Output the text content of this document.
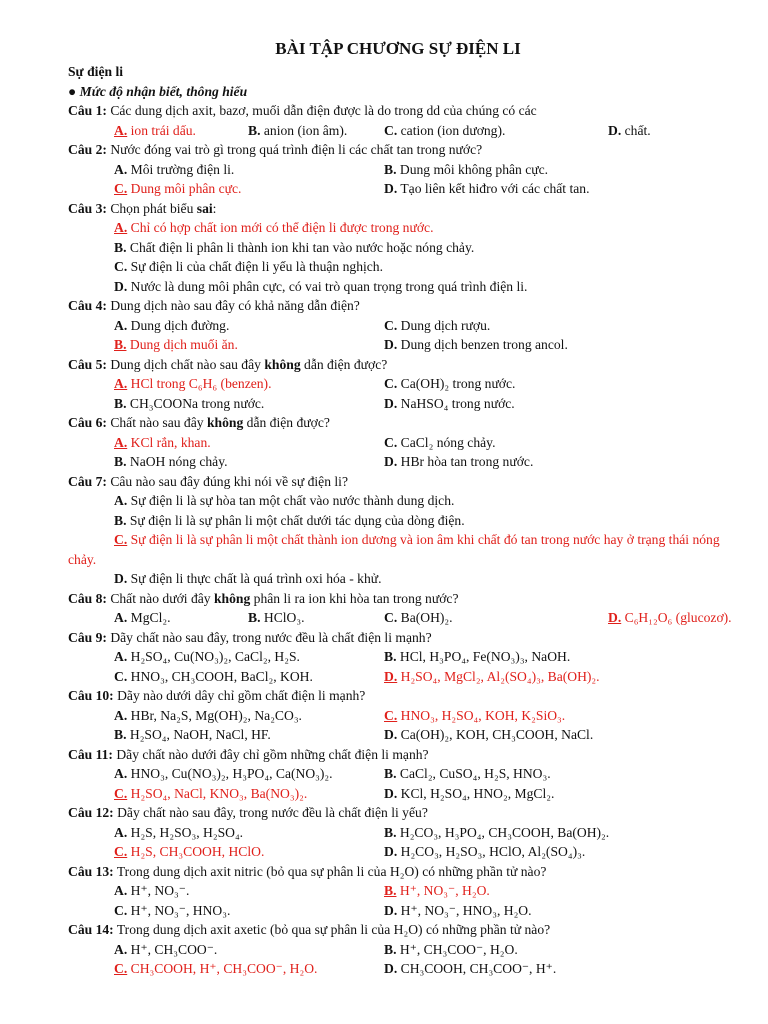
BÀI TẬP CHƯƠNG SỰ ĐIỆN LI
Sự điện li
● Mức độ nhận biết, thông hiểu
Câu 1: Các dung dịch axit, bazơ, muối dẫn điện được là do trong dd của chúng có các
A. ion trái dấu.	B. anion (ion âm).	C. cation (ion dương).	D. chất.
Câu 2: Nước đóng vai trò gì trong quá trình điện li các chất tan trong nước?
A. Môi trường điện li.	B. Dung môi không phân cực.
C. Dung môi phân cực.	D. Tạo liên kết hiđro với các chất tan.
Câu 3: Chọn phát biểu sai:
A. Chỉ có hợp chất ion mới có thể điện li được trong nước.
B. Chất điện li phân li thành ion khi tan vào nước hoặc nóng chảy.
C. Sự điện li của chất điện li yếu là thuận nghịch.
D. Nước là dung môi phân cực, có vai trò quan trọng trong quá trình điện li.
Câu 4: Dung dịch nào sau đây có khả năng dẫn điện?
A. Dung dịch đường.	C. Dung dịch rượu.
B. Dung dịch muối ăn.	D. Dung dịch benzen trong ancol.
Câu 5: Dung dịch chất nào sau đây không dẫn điện được?
A. HCl trong C₆H₆ (benzen).	C. Ca(OH)₂ trong nước.
B. CH₃COONa trong nước.	D. NaHSO₄ trong nước.
Câu 6: Chất nào sau đây không dẫn điện được?
A. KCl rắn, khan.	C. CaCl₂ nóng chảy.
B. NaOH nóng chảy.	D. HBr hòa tan trong nước.
Câu 7: Câu nào sau đây đúng khi nói về sự điện li?
A. Sự điện li là sự hòa tan một chất vào nước thành dung dịch.
B. Sự điện li là sự phân li một chất dưới tác dụng của dòng điện.
C. Sự điện li là sự phân li một chất thành ion dương và ion âm khi chất đó tan trong nước hay ở trạng thái nóng chảy.
D. Sự điện li thực chất là quá trình oxi hóa - khử.
Câu 8: Chất nào dưới đây không phân li ra ion khi hòa tan trong nước?
A. MgCl₂.	B. HClO₃.	C. Ba(OH)₂.	D. C₆H₁₂O₆ (glucozơ).
Câu 9: Dãy chất nào sau đây, trong nước đều là chất điện li mạnh?
A. H₂SO₄, Cu(NO₃)₂, CaCl₂, H₂S.	B. HCl, H₃PO₄, Fe(NO₃)₃, NaOH.
C. HNO₃, CH₃COOH, BaCl₂, KOH.	D. H₂SO₄, MgCl₂, Al₂(SO₄)₃, Ba(OH)₂.
Câu 10: Dãy nào dưới dây chỉ gồm chất điện li mạnh?
A. HBr, Na₂S, Mg(OH)₂, Na₂CO₃.	C. HNO₃, H₂SO₄, KOH, K₂SiO₃.
B. H₂SO₄, NaOH, NaCl, HF.	D. Ca(OH)₂, KOH, CH₃COOH, NaCl.
Câu 11: Dãy chất nào dưới đây chỉ gồm những chất điện li mạnh?
A. HNO₃, Cu(NO₃)₂, H₃PO₄, Ca(NO₃)₂.	B. CaCl₂, CuSO₄, H₂S, HNO₃.
C. H₂SO₄, NaCl, KNO₃, Ba(NO₃)₂.	D. KCl, H₂SO₄, HNO₂, MgCl₂.
Câu 12: Dãy chất nào sau đây, trong nước đều là chất điện li yếu?
A. H₂S, H₂SO₃, H₂SO₄.	B. H₂CO₃, H₃PO₄, CH₃COOH, Ba(OH)₂.
C. H₂S, CH₃COOH, HClO.	D. H₂CO₃, H₂SO₃, HClO, Al₂(SO₄)₃.
Câu 13: Trong dung dịch axit nitric (bỏ qua sự phân li của H₂O) có những phần tử nào?
A. H⁺, NO₃⁻.	B. H⁺, NO₃⁻, H₂O.
C. H⁺, NO₃⁻, HNO₃.	D. H⁺, NO₃⁻, HNO₃, H₂O.
Câu 14: Trong dung dịch axit axetic (bỏ qua sự phân li của H₂O) có những phần tử nào?
A. H⁺, CH₃COO⁻.	B. H⁺, CH₃COO⁻, H₂O.
C. CH₃COOH, H⁺, CH₃COO⁻, H₂O.	D. CH₃COOH, CH₃COO⁻, H⁺.
